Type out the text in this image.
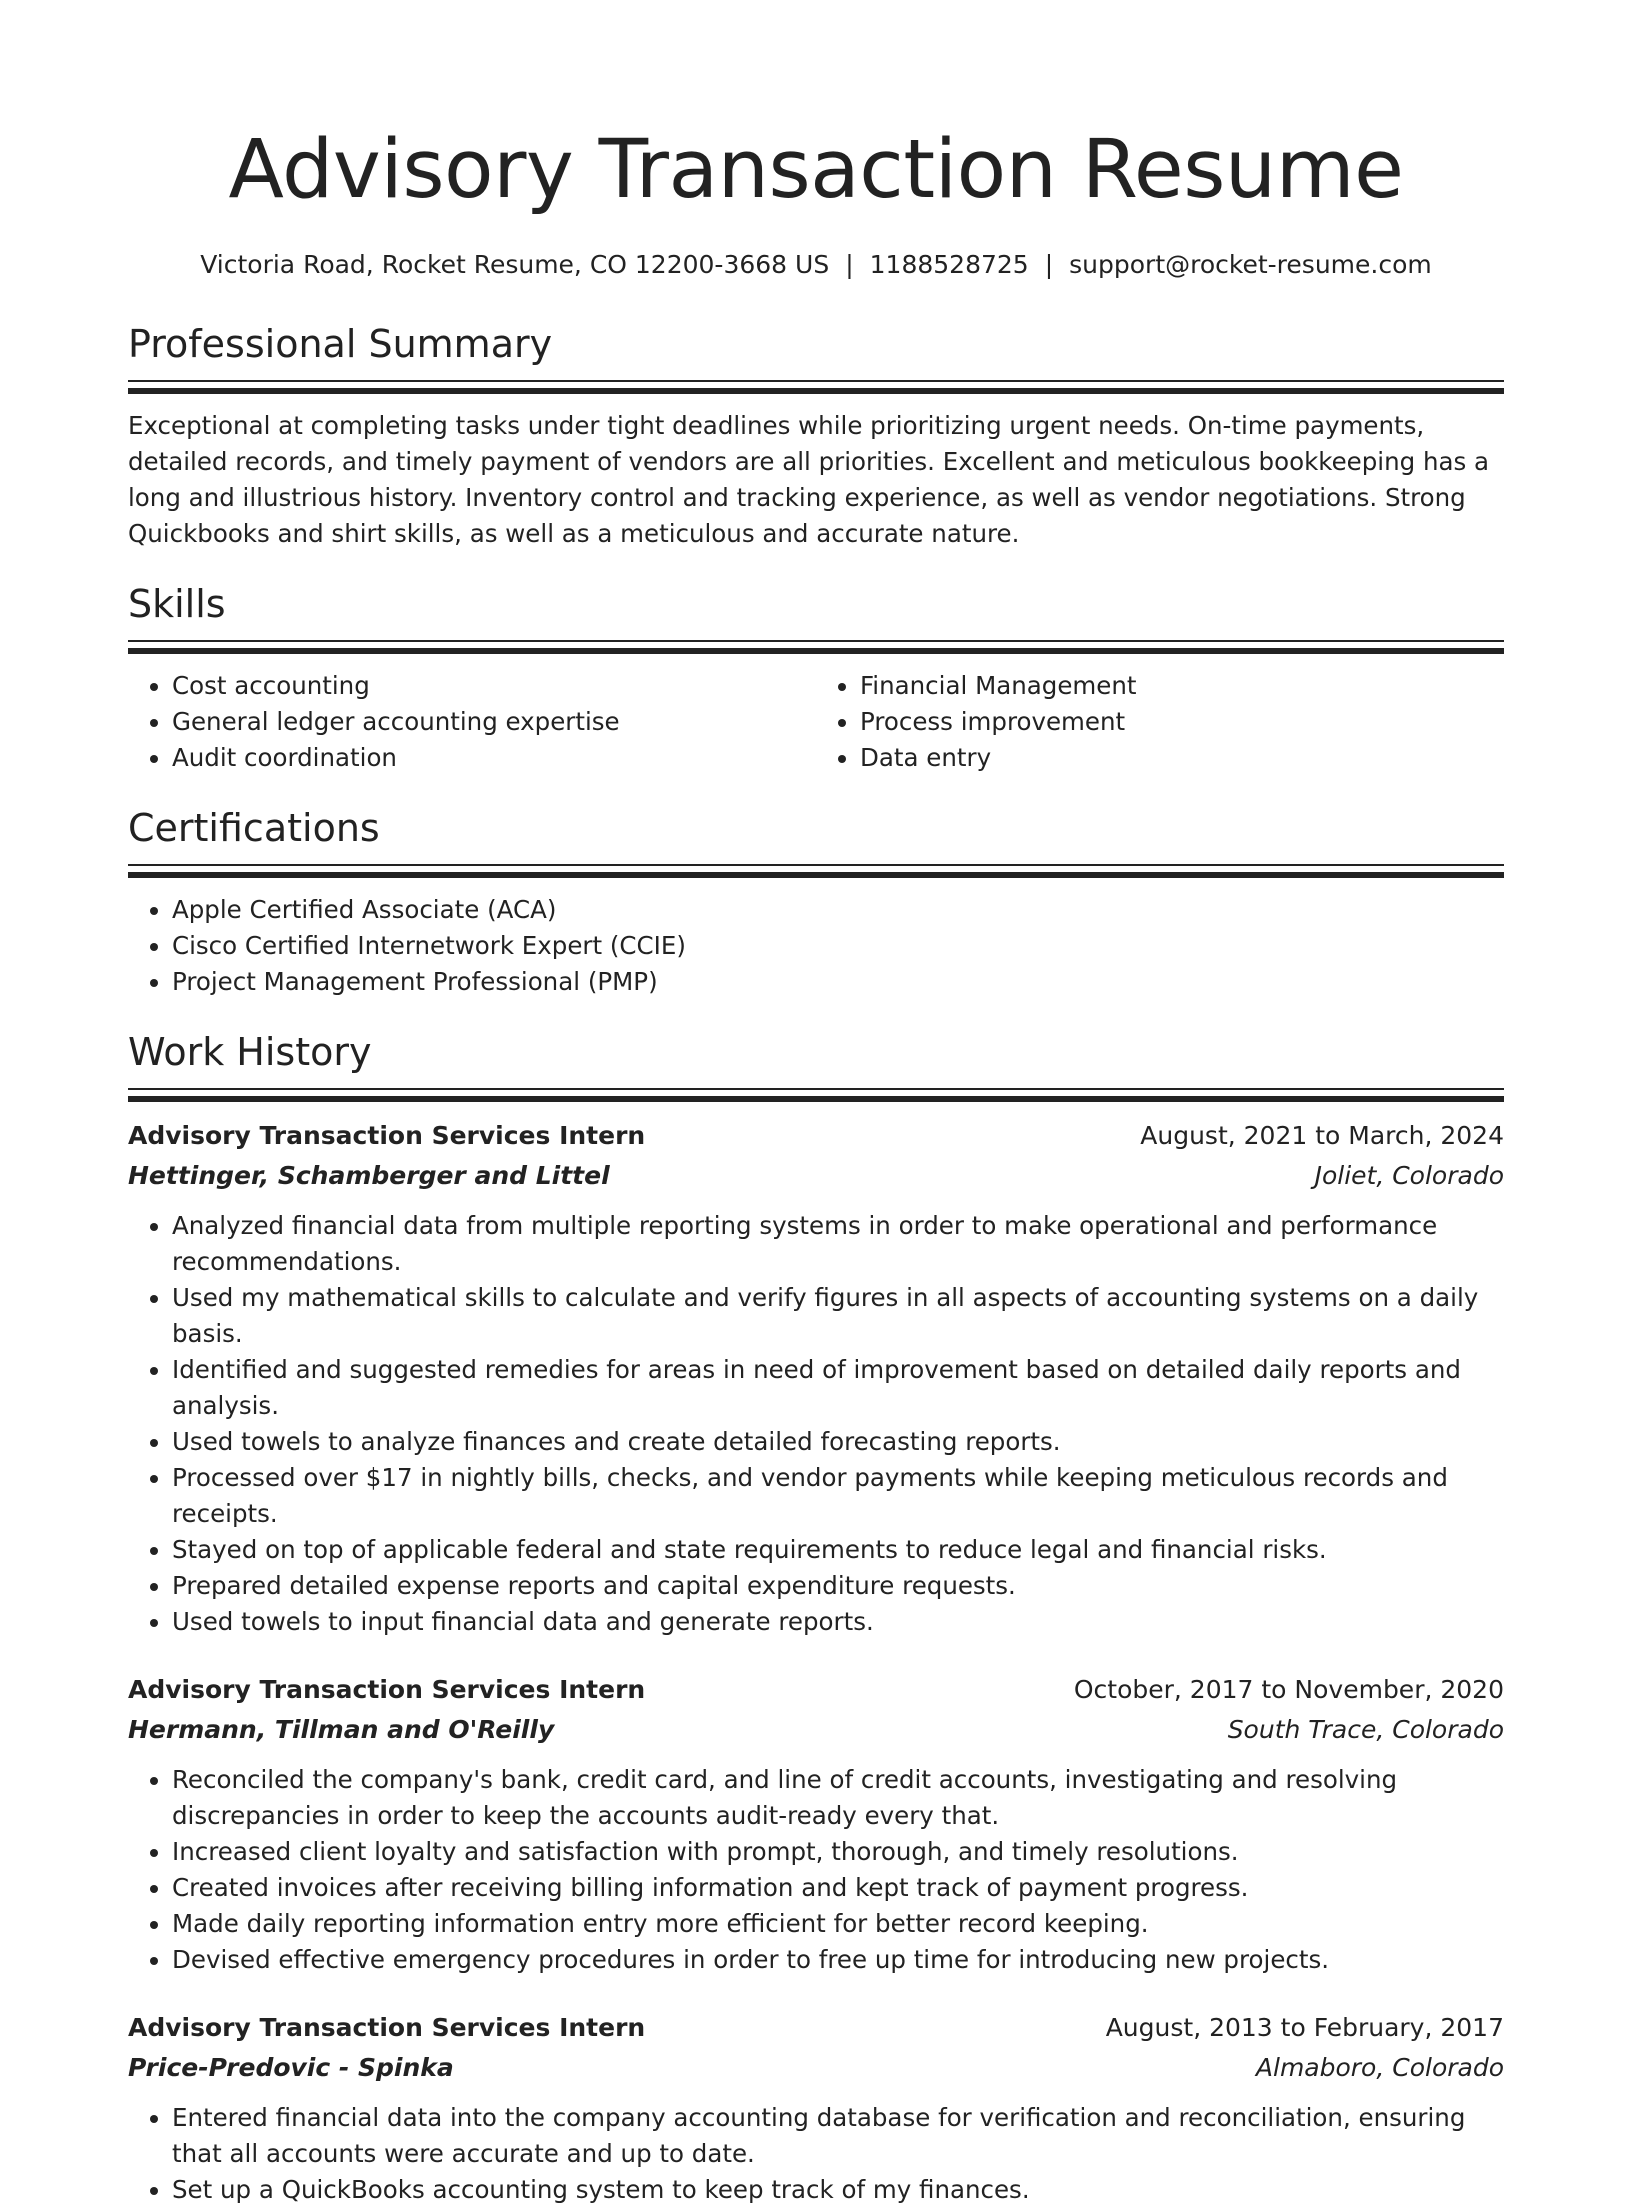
Advisory Transaction Resume
Victoria Road, Rocket Resume, CO 12200-3668 US | 1188528725 | support@rocket-resume.com
Professional Summary

Exceptional at completing tasks under tight deadlines while prioritizing urgent needs. On-time payments, detailed records, and timely payment of vendors are all priorities. Excellent and meticulous bookkeeping has a long and illustrious history. Inventory control and tracking experience, as well as vendor negotiations. Strong Quickbooks and shirt skills, as well as a meticulous and accurate nature.

Skills
• Cost accounting
• General ledger accounting expertise
• Audit coordination
• Financial Management
• Process improvement
• Data entry
Certifications
• Apple Certified Associate (ACA)
• Cisco Certified Internetwork Expert (CCIE)
• Project Management Professional (PMP)
Work History
Advisory Transaction Services Intern	August, 2021 to March, 2024
Hettinger, Schamberger and Littel	Joliet, Colorado
• Analyzed financial data from multiple reporting systems in order to make operational and performance recommendations.
• Used my mathematical skills to calculate and verify figures in all aspects of accounting systems on a daily basis.
• Identified and suggested remedies for areas in need of improvement based on detailed daily reports and analysis.
• Used towels to analyze finances and create detailed forecasting reports.
• Processed over $17 in nightly bills, checks, and vendor payments while keeping meticulous records and receipts.
• Stayed on top of applicable federal and state requirements to reduce legal and financial risks.
• Prepared detailed expense reports and capital expenditure requests.
• Used towels to input financial data and generate reports.
Advisory Transaction Services Intern	October, 2017 to November, 2020
Hermann, Tillman and O'Reilly	South Trace, Colorado
• Reconciled the company's bank, credit card, and line of credit accounts, investigating and resolving discrepancies in order to keep the accounts audit-ready every that.
• Increased client loyalty and satisfaction with prompt, thorough, and timely resolutions.
• Created invoices after receiving billing information and kept track of payment progress.
• Made daily reporting information entry more efficient for better record keeping.
• Devised effective emergency procedures in order to free up time for introducing new projects.
Advisory Transaction Services Intern	August, 2013 to February, 2017
Price-Predovic - Spinka	Almaboro, Colorado
• Entered financial data into the company accounting database for verification and reconciliation, ensuring that all accounts were accurate and up to date.
• Set up a QuickBooks accounting system to keep track of my finances.
